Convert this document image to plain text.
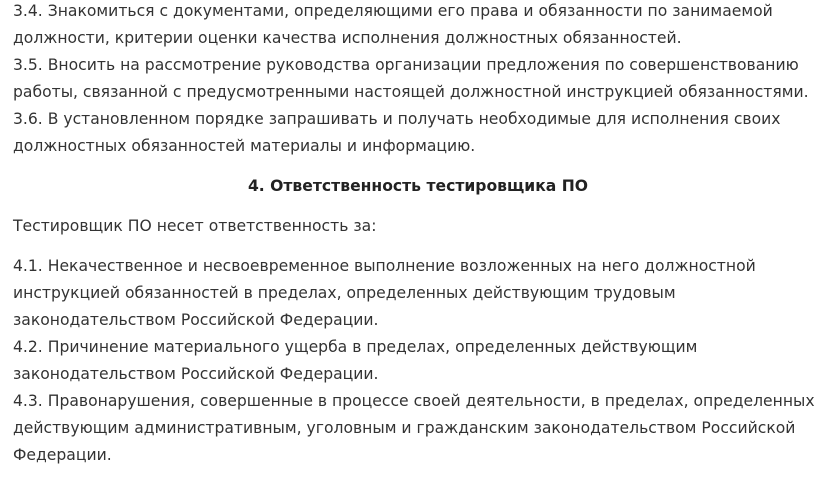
3.4. Знакомиться с документами, определяющими его права и обязанности по занимаемой должности, критерии оценки качества исполнения должностных обязанностей.

3.5. Вносить на рассмотрение руководства организации предложения по совершенствованию работы, связанной с предусмотренными настоящей должностной инструкцией обязанностями.

3.6. В установленном порядке запрашивать и получать необходимые для исполнения своих должностных обязанностей материалы и информацию.

4. Ответственность тестировщика ПО

Тестировщик ПО несет ответственность за:

4.1. Некачественное и несвоевременное выполнение возложенных на него должностной инструкцией обязанностей в пределах, определенных действующим трудовым законодательством Российской Федерации.

4.2. Причинение материального ущерба в пределах, определенных действующим законодательством Российской Федерации.

4.3. Правонарушения, совершенные в процессе своей деятельности, в пределах, определенных действующим административным, уголовным и гражданским законодательством Российской Федерации.
